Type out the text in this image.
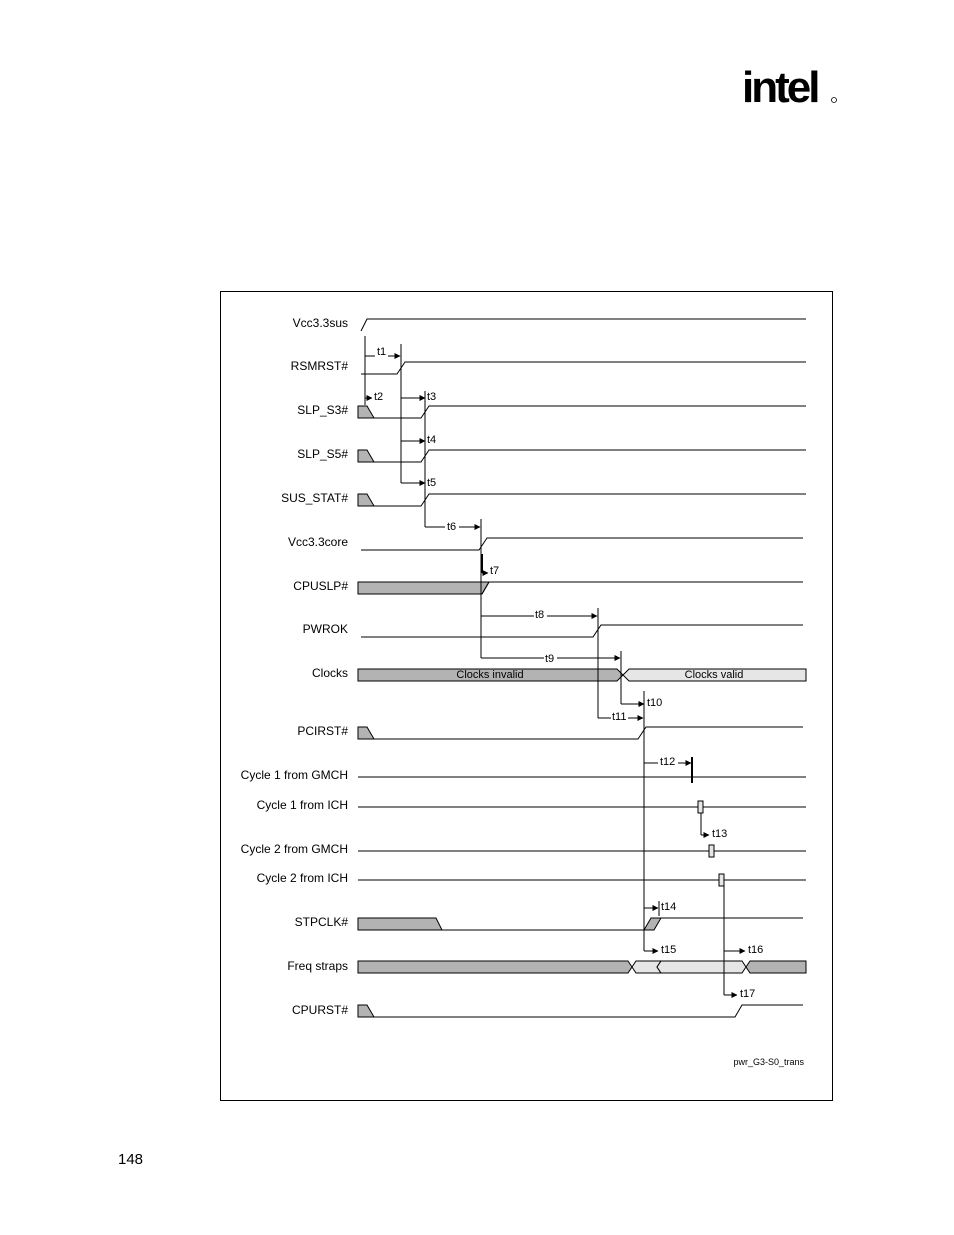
intel
Vcc3.3sus
RSMRST#
SLP_S3#
SLP_S5#
SUS_STAT#
Vcc3.3core
CPUSLP#
PWROK
Clocks
PCIRST#
Cycle 1 from GMCH
Cycle 1 from ICH
Cycle 2 from GMCH
Cycle 2 from ICH
STPCLK#
Freq straps
CPURST#
t1
t2	t3
t4
t5
t6
t7
t8
t9
t10
t11
t12
t13
t14
t15	t16
t17
Clocks invalid	Clocks valid
pwr_G3-S0_trans
148
